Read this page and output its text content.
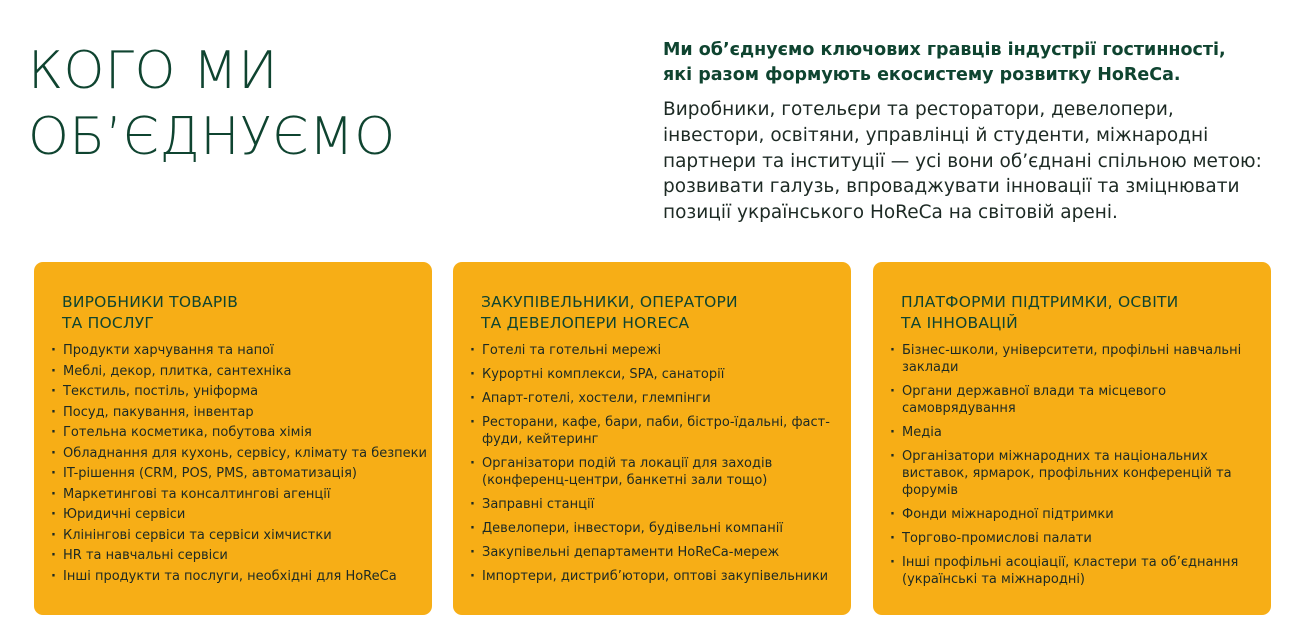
КОГО МИ
ОБ’ЄДНУЄМО

Ми об’єднуємо ключових гравців індустрії гостинності,
які разом формують екосистему розвитку HoReCa.

Виробники, готельєри та ресторатори, девелопери,
інвестори, освітяни, управлінці й студенти, міжнародні
партнери та інституції — усі вони об’єднані спільною метою:
розвивати галузь, впроваджувати інновації та зміцнювати
позиції українського HoReCa на світовій арені.

ВИРОБНИКИ ТОВАРІВ
ТА ПОСЛУГ
· Продукти харчування та напої
· Меблі, декор, плитка, сантехніка
· Текстиль, постіль, уніформа
· Посуд, пакування, інвентар
· Готельна косметика, побутова хімія
· Обладнання для кухонь, сервісу, клімату та безпеки
· IT-рішення (CRM, POS, PMS, автоматизація)
· Маркетингові та консалтингові агенції
· Юридичні сервіси
· Клінінгові сервіси та сервіси хімчистки
· HR та навчальні сервіси
· Інші продукти та послуги, необхідні для HoReCa
ЗАКУПІВЕЛЬНИКИ, ОПЕРАТОРИ
ТА ДЕВЕЛОПЕРИ HORECA
· Готелі та готельні мережі
· Курортні комплекси, SPA, санаторії
· Апарт-готелі, хостели, глемпінги
· Ресторани, кафе, бари, паби, бістро-їдальні, фаст-фуди, кейтеринг
· Організатори подій та локації для заходів (конференц-центри, банкетні зали тощо)
· Заправні станції
· Девелопери, інвестори, будівельні компанії
· Закупівельні департаменти HoReCa-мереж
· Імпортери, дистриб’ютори, оптові закупівельники
ПЛАТФОРМИ ПІДТРИМКИ, ОСВІТИ
ТА ІННОВАЦІЙ
· Бізнес-школи, університети, профільні навчальні заклади
· Органи державної влади та місцевого самоврядування
· Медіа
· Організатори міжнародних та національних виставок, ярмарок, профільних конференцій та форумів
· Фонди міжнародної підтримки
· Торгово-промислові палати
· Інші профільні асоціації, кластери та об’єднання (українські та міжнародні)
